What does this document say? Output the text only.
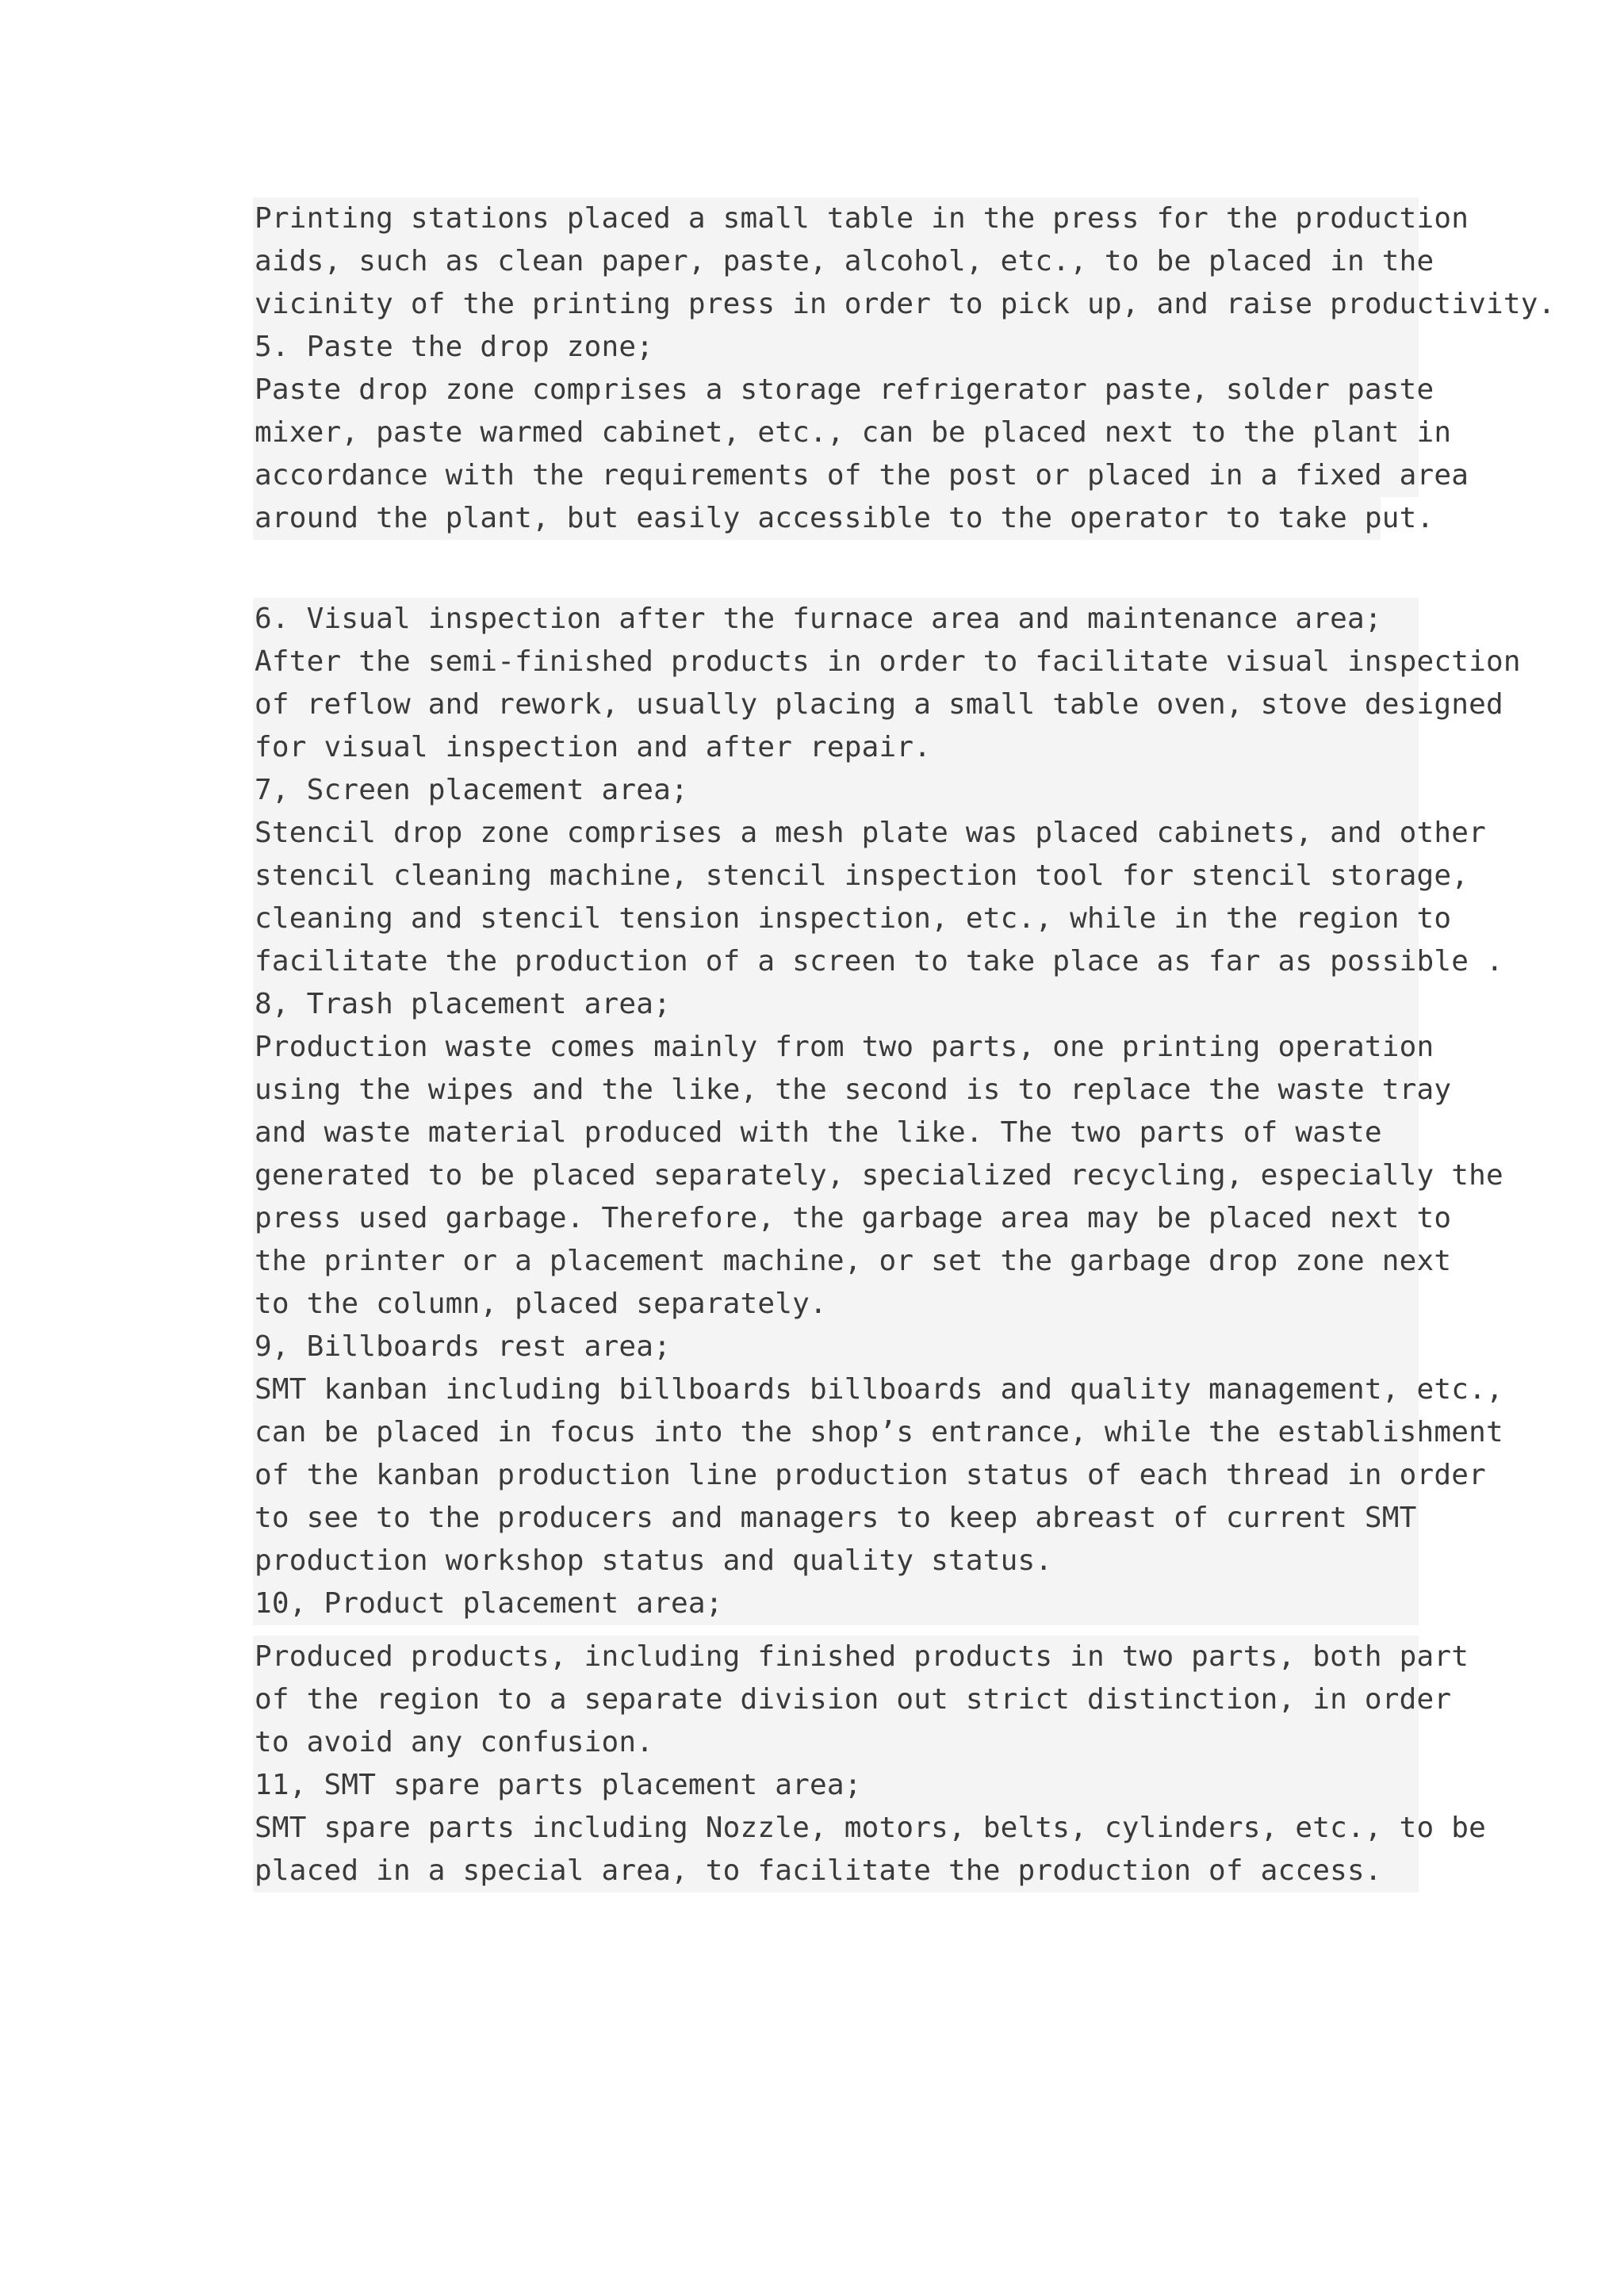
Printing stations placed a small table in the press for the production
aids, such as clean paper, paste, alcohol, etc., to be placed in the
vicinity of the printing press in order to pick up, and raise productivity.
5. Paste the drop zone;
Paste drop zone comprises a storage refrigerator paste, solder paste
mixer, paste warmed cabinet, etc., can be placed next to the plant in
accordance with the requirements of the post or placed in a fixed area
around the plant, but easily accessible to the operator to take put.
6. Visual inspection after the furnace area and maintenance area;
After the semi-finished products in order to facilitate visual inspection
of reflow and rework, usually placing a small table oven, stove designed
for visual inspection and after repair.
7, Screen placement area;
Stencil drop zone comprises a mesh plate was placed cabinets, and other
stencil cleaning machine, stencil inspection tool for stencil storage,
cleaning and stencil tension inspection, etc., while in the region to
facilitate the production of a screen to take place as far as possible .
8, Trash placement area;
Production waste comes mainly from two parts, one printing operation
using the wipes and the like, the second is to replace the waste tray
and waste material produced with the like. The two parts of waste
generated to be placed separately, specialized recycling, especially the
press used garbage. Therefore, the garbage area may be placed next to
the printer or a placement machine, or set the garbage drop zone next
to the column, placed separately.
9, Billboards rest area;
SMT kanban including billboards billboards and quality management, etc.,
can be placed in focus into the shop’s entrance, while the establishment
of the kanban production line production status of each thread in order
to see to the producers and managers to keep abreast of current SMT
production workshop status and quality status.
10, Product placement area;
Produced products, including finished products in two parts, both part
of the region to a separate division out strict distinction, in order
to avoid any confusion.
11, SMT spare parts placement area;
SMT spare parts including Nozzle, motors, belts, cylinders, etc., to be
placed in a special area, to facilitate the production of access.
